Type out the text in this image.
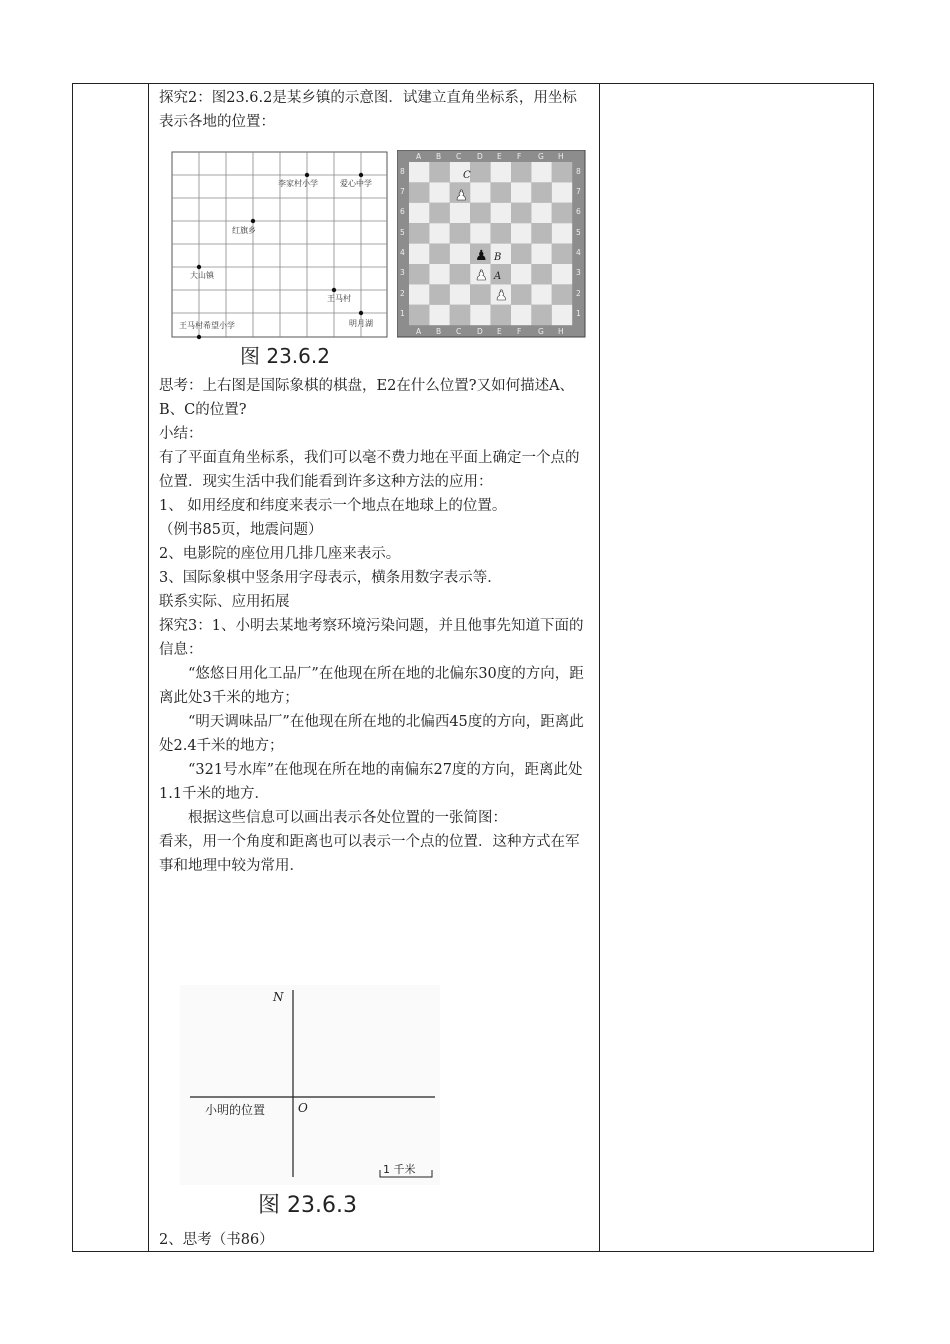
探究2：图23.6.2是某乡镇的示意图．试建立直角坐标系，用坐标表示各地的位置：

思考：上右图是国际象棋的棋盘，E2在什么位置?又如何描述A、B、C的位置?

小结：

有了平面直角坐标系，我们可以毫不费力地在平面上确定一个点的位置．现实生活中我们能看到许多这种方法的应用：

1、 如用经度和纬度来表示一个地点在地球上的位置。

（例书85页，地震问题）

2、电影院的座位用几排几座来表示。

3、国际象棋中竖条用字母表示，横条用数字表示等．

联系实际、应用拓展

探究3：1、小明去某地考察环境污染问题，并且他事先知道下面的信息：

“悠悠日用化工品厂”在他现在所在地的北偏东30度的方向，距离此处3千米的地方；

“明天调味品厂”在他现在所在地的北偏西45度的方向，距离此处2.4千米的地方；

“321号水库”在他现在所在地的南偏东27度的方向，距离此处1.1千米的地方．

根据这些信息可以画出表示各处位置的一张简图：

看来，用一个角度和距离也可以表示一个点的位置．这种方式在军事和地理中较为常用．

2、思考（书86）

李家村小学	爱心中学
红旗乡
大山镇
王马村
王马村希望小学	明月湖
图 23.6.2
A B C D E F G H
A B C D E F G H
8
7
6
5
4
3
2
1
8
7
6
5
4
3
2
1
C
B
A
♟
♟
♟
♟
N
O
小明的位置
1 千米
图 23.6.3
